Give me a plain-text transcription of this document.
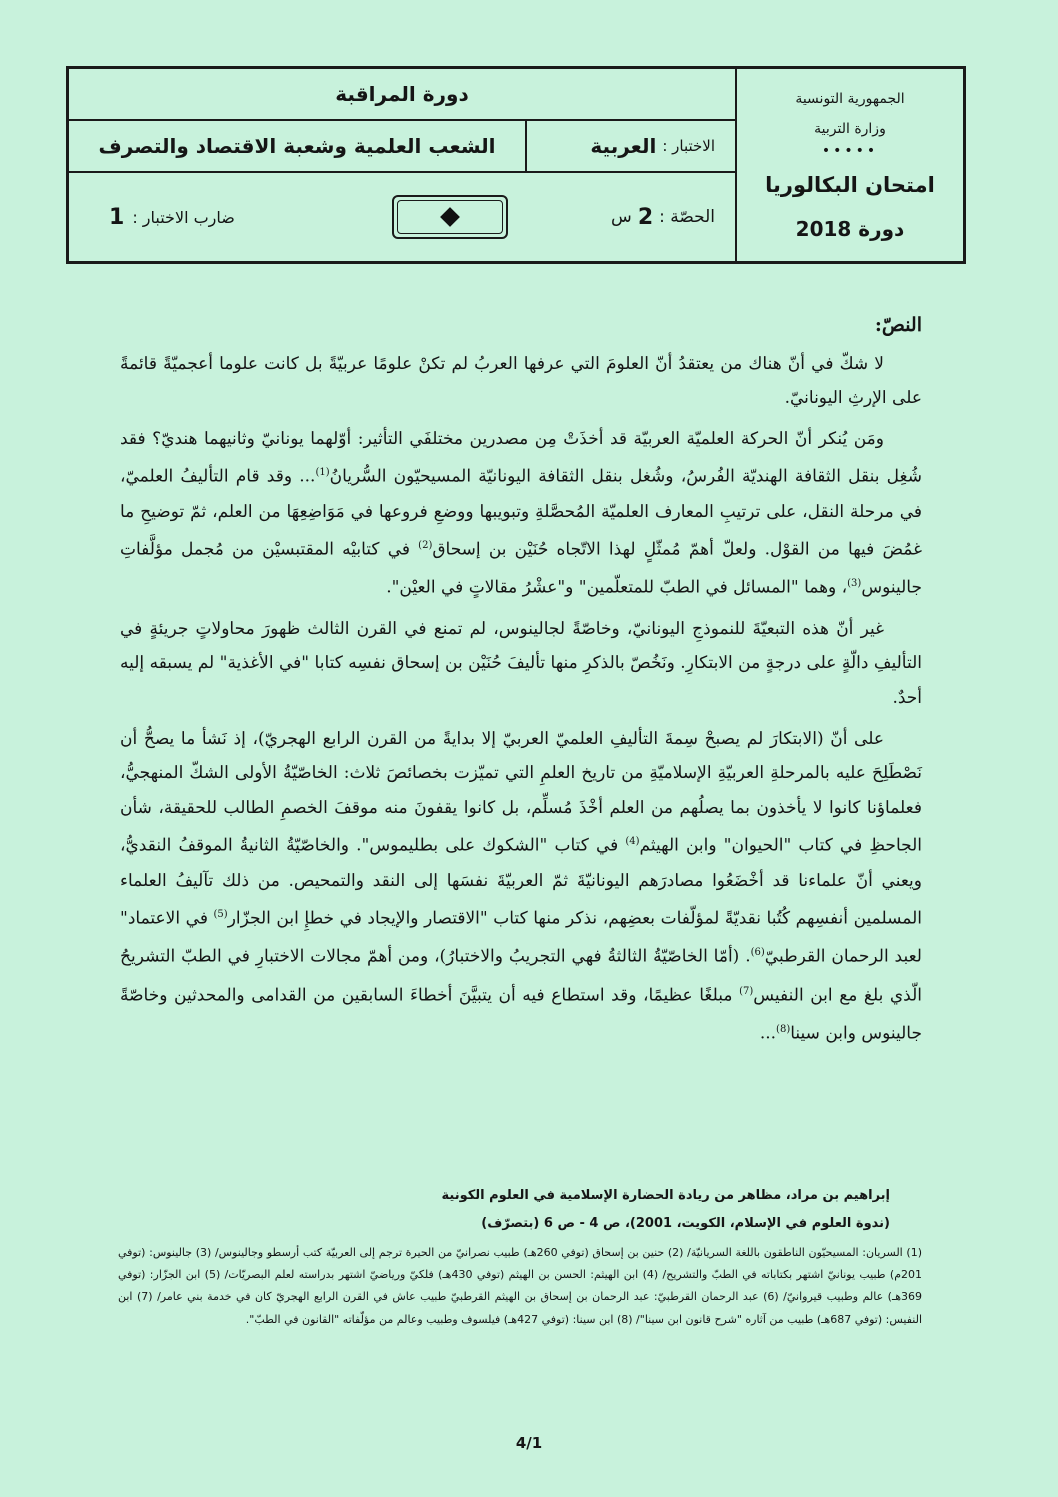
الجمهورية التونسية
وزارة التربية
•••••
امتحان البكالوريا
دورة 2018
دورة المراقبة
الاختبار :
العربية
الشعب العلمية وشعبة الاقتصاد والتصرف
الحصّة :
2
س
ضارب الاختبار :
1

النصّ:

لا شكّ في أنّ هناك من يعتقدُ أنّ العلومَ التي عرفها العربُ لم تكنْ علومًا عربيّةً بل كانت علوما أعجميّةً قائمةً على الإرثِ اليونانيّ.

ومَن يُنكر أنّ الحركة العلميّة العربيّة قد أخذَتْ مِن مصدرين مختلفَي التأثير: أوّلهما يونانيّ وثانيهما هنديّ؟ فقد شُغِل بنقل الثقافة الهنديّة الفُرسُ، وشُغل بنقل الثقافة اليونانيّة المسيحيّون السُّريانُ$^{(1)}$... وقد قام التأليفُ العلميّ، في مرحلة النقل، على ترتيبِ المعارف العلميّة المُحصَّلةِ وتبويبها ووضعِ فروعها في مَوَاضِعِهَا من العلم، ثمّ توضيحِ ما غمُضَ فيها من القوْل. ولعلّ أهمّ مُمثّلٍ لهذا الاتّجاه حُنَيْن بن إسحاق$^{(2)}$ في كتابيْه المقتبسيْن من مُجمل مؤلَّفاتِ جالينوس$^{(3)}$، وهما "المسائل في الطبّ للمتعلّمين" و"عشْرُ مقالاتٍ في العيْن".

غير أنّ هذه التبعيّةَ للنموذجِ اليونانيّ، وخاصّةً لجالينوس، لم تمنع في القرن الثالث ظهورَ محاولاتٍ جريئةٍ في التأليفِ دالّةٍ على درجةٍ من الابتكارِ. ونَخُصّ بالذكرِ منها تأليفَ حُنَيْن بن إسحاق نفسِه كتابا "في الأغذية" لم يسبقه إليه أحدٌ.

على أنّ (الابتكارَ لم يصبحْ سِمةَ التأليفِ العلميّ العربيّ إلا بدايةً من القرن الرابع الهجريّ)، إذ نَشأ ما يصحُّ أن نَصْطَلِحَ عليه بالمرحلةِ العربيّةِ الإسلاميّةِ من تاريخ العلمِ التي تميّزت بخصائصَ ثلاث: الخاصّيّةُ الأولى الشكّ المنهجيُّ، فعلماؤنا كانوا لا يأخذون بما يصلُهم من العلم أخْذَ مُسلِّم، بل كانوا يقفونَ منه موقفَ الخصمِ الطالب للحقيقة، شأن الجاحظِ في كتاب "الحيوان" وابن الهيثم$^{(4)}$ في كتاب "الشكوك على بطليموس". والخاصّيّةُ الثانيةُ الموقفُ النقديُّ، ويعني أنّ علماءنا قد أخْضَعُوا مصادرَهم اليونانيّةَ ثمّ العربيّةَ نفسَها إلى النقد والتمحيص. من ذلك تآليفُ العلماء المسلمين أنفسِهم كُتُبا نقديّةً لمؤلّفات بعضِهم، نذكر منها كتاب "الاقتصار والإيجاد في خطإِ ابن الجزّار$^{(5)}$ في الاعتماد" لعبد الرحمان القرطبيّ$^{(6)}$. (أمّا الخاصّيّةُ الثالثةُ فهي التجريبُ والاختبارُ)، ومن أهمّ مجالات الاختبارِ في الطبّ التشريحُ الّذي بلغ مع ابن النفيس$^{(7)}$ مبلغًا عظيمًا، وقد استطاع فيه أن يتبيَّنَ أخطاءَ السابقين من القدامى والمحدثين وخاصّةً جالينوس وابن سينا$^{(8)}$...

إبراهيم بن مراد، مظاهر من ريادة الحضارة الإسلامية في العلوم الكونية
(ندوة العلوم في الإسلام، الكويت، 2001)، ص 4 - ص 6 (بتصرّف)
(1) السريان: المسيحيّون الناطقون باللغة السريانيّة/ (2) حنين بن إسحاق (توفي 260هـ) طبيب نصرانيّ من الحيرة ترجم إلى العربيّة كتب أرسطو وجالينوس/ (3) جالينوس: (توفي 201م) طبيب يونانيّ اشتهر بكتاباته في الطبّ والتشريح/ (4) ابن الهيثم: الحسن بن الهيثم (توفي 430هـ) فلكيّ ورياضيّ اشتهر بدراسته لعلم البصريّات/ (5) ابن الجزّار: (توفي 369هـ) عالم وطبيب قيروانيّ/ (6) عبد الرحمان القرطبيّ: عبد الرحمان بن إسحاق بن الهيثم القرطبيّ طبيب عاش في القرن الرابع الهجريّ كان في خدمة بني عامر/ (7) ابن النفيس: (توفي 687هـ) طبيب من آثاره "شرح قانون ابن سينا"/ (8) ابن سينا: (توفي 427هـ) فيلسوف وطبيب وعالم من مؤلّفاته "القانون في الطبّ".
4/1
